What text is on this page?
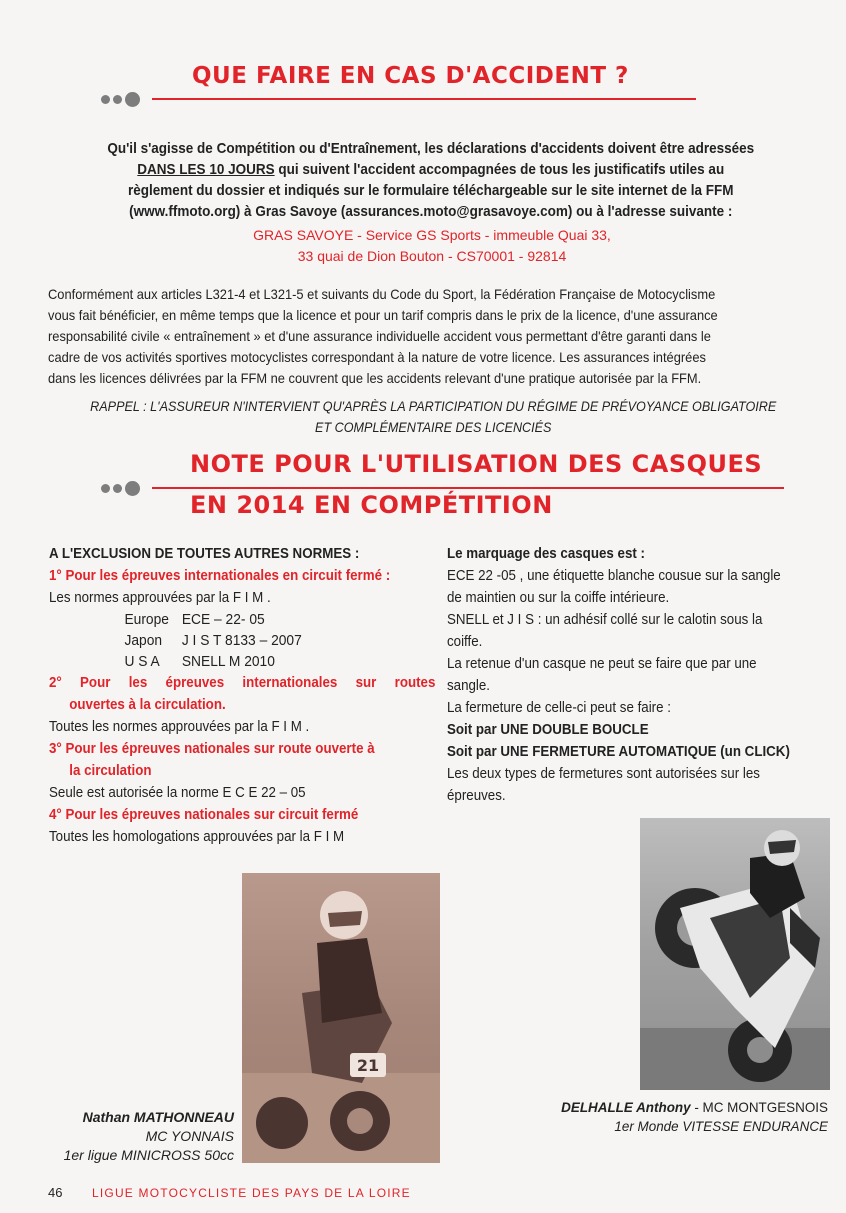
QUE FAIRE EN CAS D'ACCIDENT ?
Qu'il s'agisse de Compétition ou d'Entraînement, les déclarations d'accidents doivent être adressées
DANS LES 10 JOURS qui suivent l'accident accompagnées de tous les justificatifs utiles au
règlement du dossier et indiqués sur le formulaire téléchargeable sur le site internet de la FFM
(www.ffmoto.org) à Gras Savoye (assurances.moto@grasavoye.com) ou à l'adresse suivante :
GRAS SAVOYE - Service GS Sports - immeuble Quai 33,
33 quai de Dion Bouton - CS70001 - 92814
Conformément aux articles L321-4 et L321-5 et suivants du Code du Sport, la Fédération Française de Motocyclisme
vous fait bénéficier, en même temps que la licence et pour un tarif compris dans le prix de la licence, d'une assurance
responsabilité civile « entraînement » et d'une assurance individuelle accident vous permettant d'être garanti dans le
cadre de vos activités sportives motocyclistes correspondant à la nature de votre licence. Les assurances intégrées
dans les licences délivrées par la FFM ne couvrent que les accidents relevant d'une pratique autorisée par la FFM.
RAPPEL : L'ASSUREUR N'INTERVIENT QU'APRÈS LA PARTICIPATION DU RÉGIME DE PRÉVOYANCE OBLIGATOIRE
ET COMPLÉMENTAIRE DES LICENCIÉS
NOTE POUR L'UTILISATION DES CASQUES
EN 2014 EN COMPÉTITION
A L'EXCLUSION DE TOUTES AUTRES NORMES :
1° Pour les épreuves internationales en circuit fermé :
Les normes approuvées par la F I M .
Europe	ECE – 22- 05
Japon	J I S T 8133 – 2007
U S A	SNELL M 2010
2° Pour les épreuves internationales sur routes
ouvertes à la circulation.
Toutes les normes approuvées par la F I M .
3° Pour les épreuves nationales sur route ouverte à
la circulation
Seule est autorisée la norme E C E 22 – 05
4° Pour les épreuves nationales sur circuit fermé
Toutes les homologations approuvées par la F I M
Le marquage des casques est :
ECE 22 -05 , une étiquette blanche cousue sur la sangle
de maintien ou sur la coiffe intérieure.
SNELL et J I S : un adhésif collé sur le calotin sous la
coiffe.
La retenue d'un casque ne peut se faire que par une
sangle.
La fermeture de celle-ci peut se faire :
Soit par UNE DOUBLE BOUCLE
Soit par UNE FERMETURE AUTOMATIQUE (un CLICK)
Les deux types de fermetures sont autorisées sur les
épreuves.
DELHALLE Anthony - MC MONTGESNOIS
1er Monde VITESSE ENDURANCE
21
Nathan MATHONNEAU
MC YONNAIS
1er ligue MINICROSS 50cc
46 LIGUE MOTOCYCLISTE DES PAYS DE LA LOIRE
